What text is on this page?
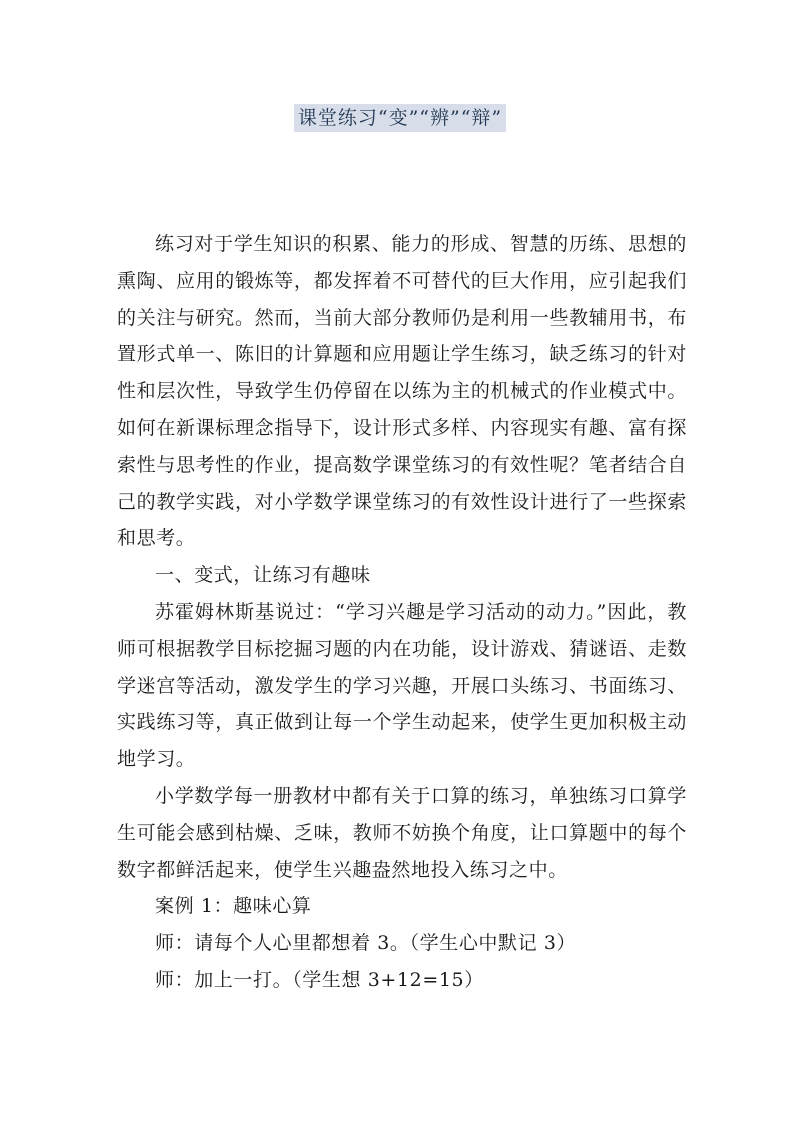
课堂练习“变”“辨”“辩”

练习对于学生知识的积累、能力的形成、智慧的历练、思想的熏陶、应用的锻炼等，都发挥着不可替代的巨大作用，应引起我们的关注与研究。然而，当前大部分教师仍是利用一些教辅用书，布置形式单一、陈旧的计算题和应用题让学生练习，缺乏练习的针对性和层次性，导致学生仍停留在以练为主的机械式的作业模式中。如何在新课标理念指导下，设计形式多样、内容现实有趣、富有探索性与思考性的作业，提高数学课堂练习的有效性呢？笔者结合自己的教学实践，对小学数学课堂练习的有效性设计进行了一些探索和思考。

一、变式，让练习有趣味

苏霍姆林斯基说过：“学习兴趣是学习活动的动力。”因此，教师可根据教学目标挖掘习题的内在功能，设计游戏、猜谜语、走数学迷宫等活动，激发学生的学习兴趣，开展口头练习、书面练习、实践练习等，真正做到让每一个学生动起来，使学生更加积极主动地学习。

小学数学每一册教材中都有关于口算的练习，单独练习口算学生可能会感到枯燥、乏味，教师不妨换个角度，让口算题中的每个数字都鲜活起来，使学生兴趣盎然地投入练习之中。

案例 1：趣味心算

师：请每个人心里都想着 3。（学生心中默记 3）

师：加上一打。（学生想 3+12=15）
